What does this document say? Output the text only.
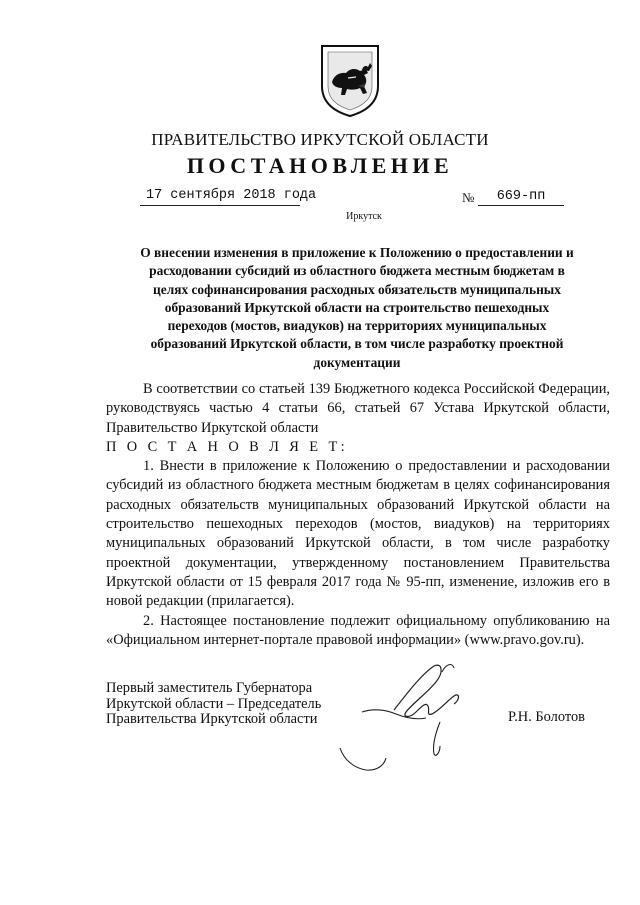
ПРАВИТЕЛЬСТВО ИРКУТСКОЙ ОБЛАСТИ
ПОСТАНОВЛЕНИЕ
17 сентября 2018 года	№	669-пп
Иркутск
О внесении изменения в приложение к Положению о предоставлении и
расходовании субсидий из областного бюджета местным бюджетам в
целях софинансирования расходных обязательств муниципальных
образований Иркутской области на строительство пешеходных
переходов (мостов, виадуков) на территориях муниципальных
образований Иркутской области, в том числе разработку проектной
документации

В соответствии со статьей 139 Бюджетного кодекса Российской Федерации, руководствуясь частью 4 статьи 66, статьей 67 Устава Иркутской области, Правительство Иркутской области

П О С Т А Н О В Л Я Е Т:

1. Внести в приложение к Положению о предоставлении и расходовании субсидий из областного бюджета местным бюджетам в целях софинансирования расходных обязательств муниципальных образований Иркутской области на строительство пешеходных переходов (мостов, виадуков) на территориях муниципальных образований Иркутской области, в том числе разработку проектной документации, утвержденному постановлением Правительства Иркутской области от 15 февраля 2017 года № 95-пп, изменение, изложив его в новой редакции (прилагается).

2. Настоящее постановление подлежит официальному опубликованию на «Официальном интернет-портале правовой информации» (www.pravo.gov.ru).

Первый заместитель Губернатора
Иркутской области – Председатель
Правительства Иркутской области	Р.Н. Болотов
